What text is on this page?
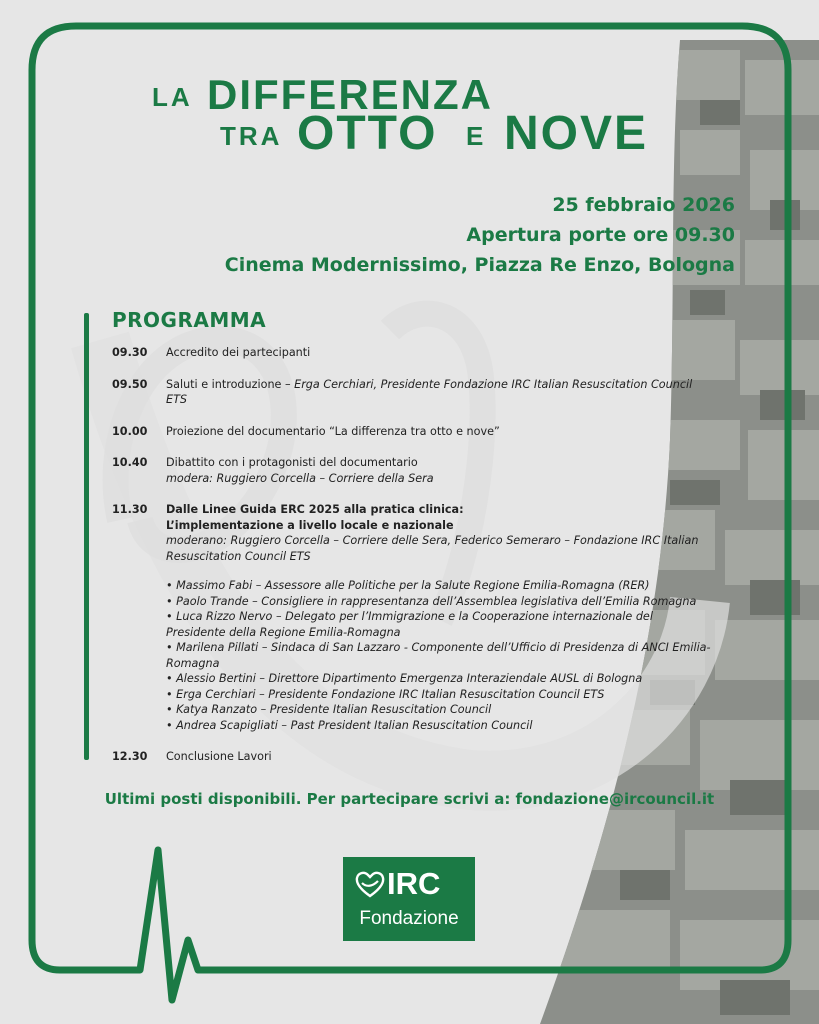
LA DIFFERENZA
TRA OTTO E NOVE
25 febbraio 2026
Apertura porte ore 09.30
Cinema Modernissimo, Piazza Re Enzo, Bologna
PROGRAMMA
09.30	Accredito dei partecipanti
09.50	Saluti e introduzione – Erga Cerchiari, Presidente Fondazione IRC Italian Resuscitation Council ETS
10.00	Proiezione del documentario “La differenza tra otto e nove”
10.40	Dibattito con i protagonisti del documentario
modera: Ruggiero Corcella – Corriere della Sera
11.30	Dalle Linee Guida ERC 2025 alla pratica clinica:
L’implementazione a livello locale e nazionale
moderano: Ruggiero Corcella – Corriere delle Sera, Federico Semeraro – Fondazione IRC Italian Resuscitation Council ETS
• Massimo Fabi – Assessore alle Politiche per la Salute Regione Emilia-Romagna (RER)
• Paolo Trande – Consigliere in rappresentanza dell’Assemblea legislativa dell’Emilia Romagna
• Luca Rizzo Nervo – Delegato per l’Immigrazione e la Cooperazione internazionale del Presidente della Regione Emilia-Romagna
• Marilena Pillati – Sindaca di San Lazzaro - Componente dell’Ufficio di Presidenza di ANCI Emilia-Romagna
• Alessio Bertini – Direttore Dipartimento Emergenza Interaziendale AUSL di Bologna
• Erga Cerchiari – Presidente Fondazione IRC Italian Resuscitation Council ETS
• Katya Ranzato – Presidente Italian Resuscitation Council
• Andrea Scapigliati – Past President Italian Resuscitation Council
12.30	Conclusione Lavori
Ultimi posti disponibili. Per partecipare scrivi a: fondazione@ircouncil.it
IRC
Fondazione
